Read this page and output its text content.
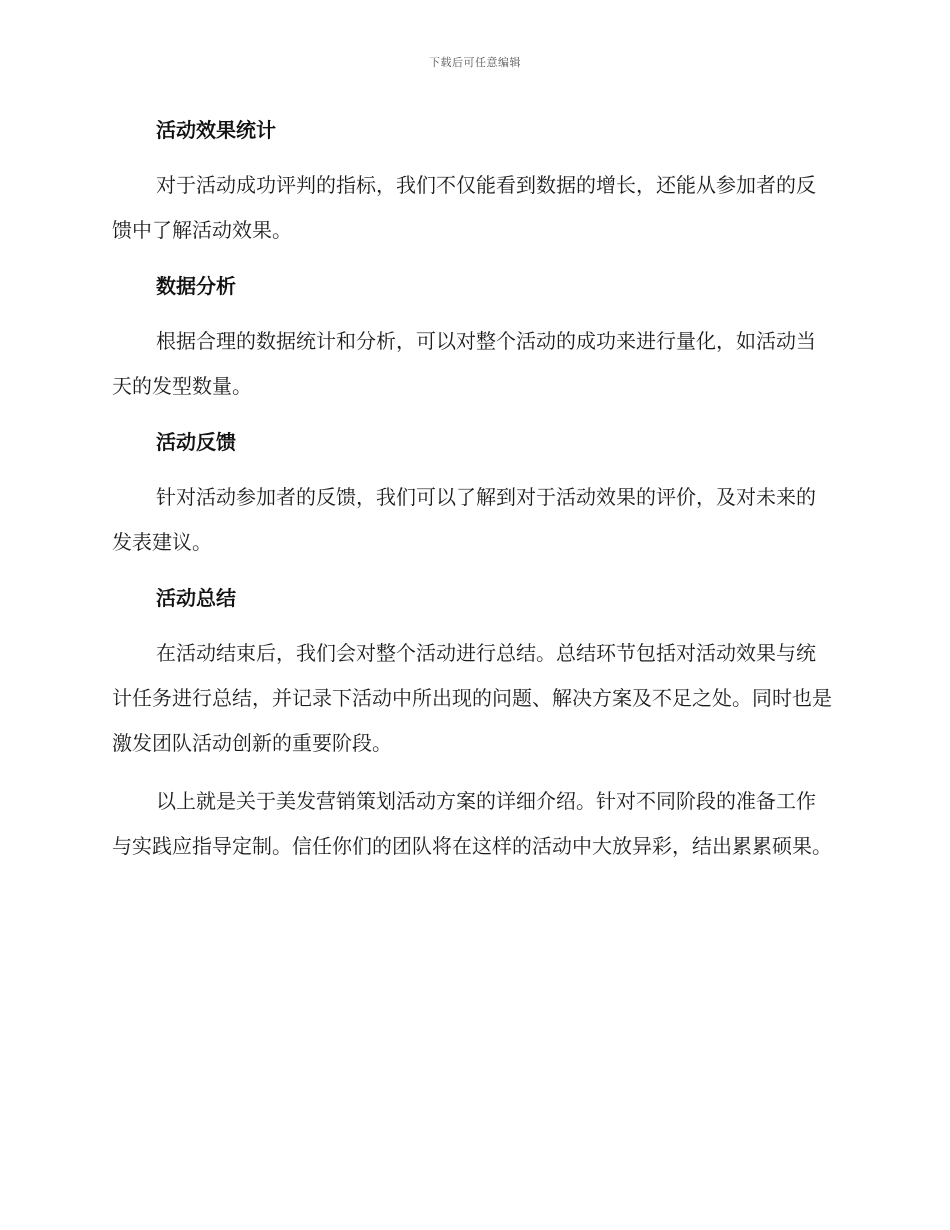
下载后可任意编辑
活动效果统计

对于活动成功评判的指标，我们不仅能看到数据的增长，还能从参加者的反馈中了解活动效果。

数据分析

根据合理的数据统计和分析，可以对整个活动的成功来进行量化，如活动当天的发型数量。

活动反馈

针对活动参加者的反馈，我们可以了解到对于活动效果的评价，及对未来的发表建议。

活动总结

在活动结束后，我们会对整个活动进行总结。总结环节包括对活动效果与统计任务进行总结，并记录下活动中所出现的问题、解决方案及不足之处。同时也是激发团队活动创新的重要阶段。

以上就是关于美发营销策划活动方案的详细介绍。针对不同阶段的准备工作与实践应指导定制。信任你们的团队将在这样的活动中大放异彩，结出累累硕果。
